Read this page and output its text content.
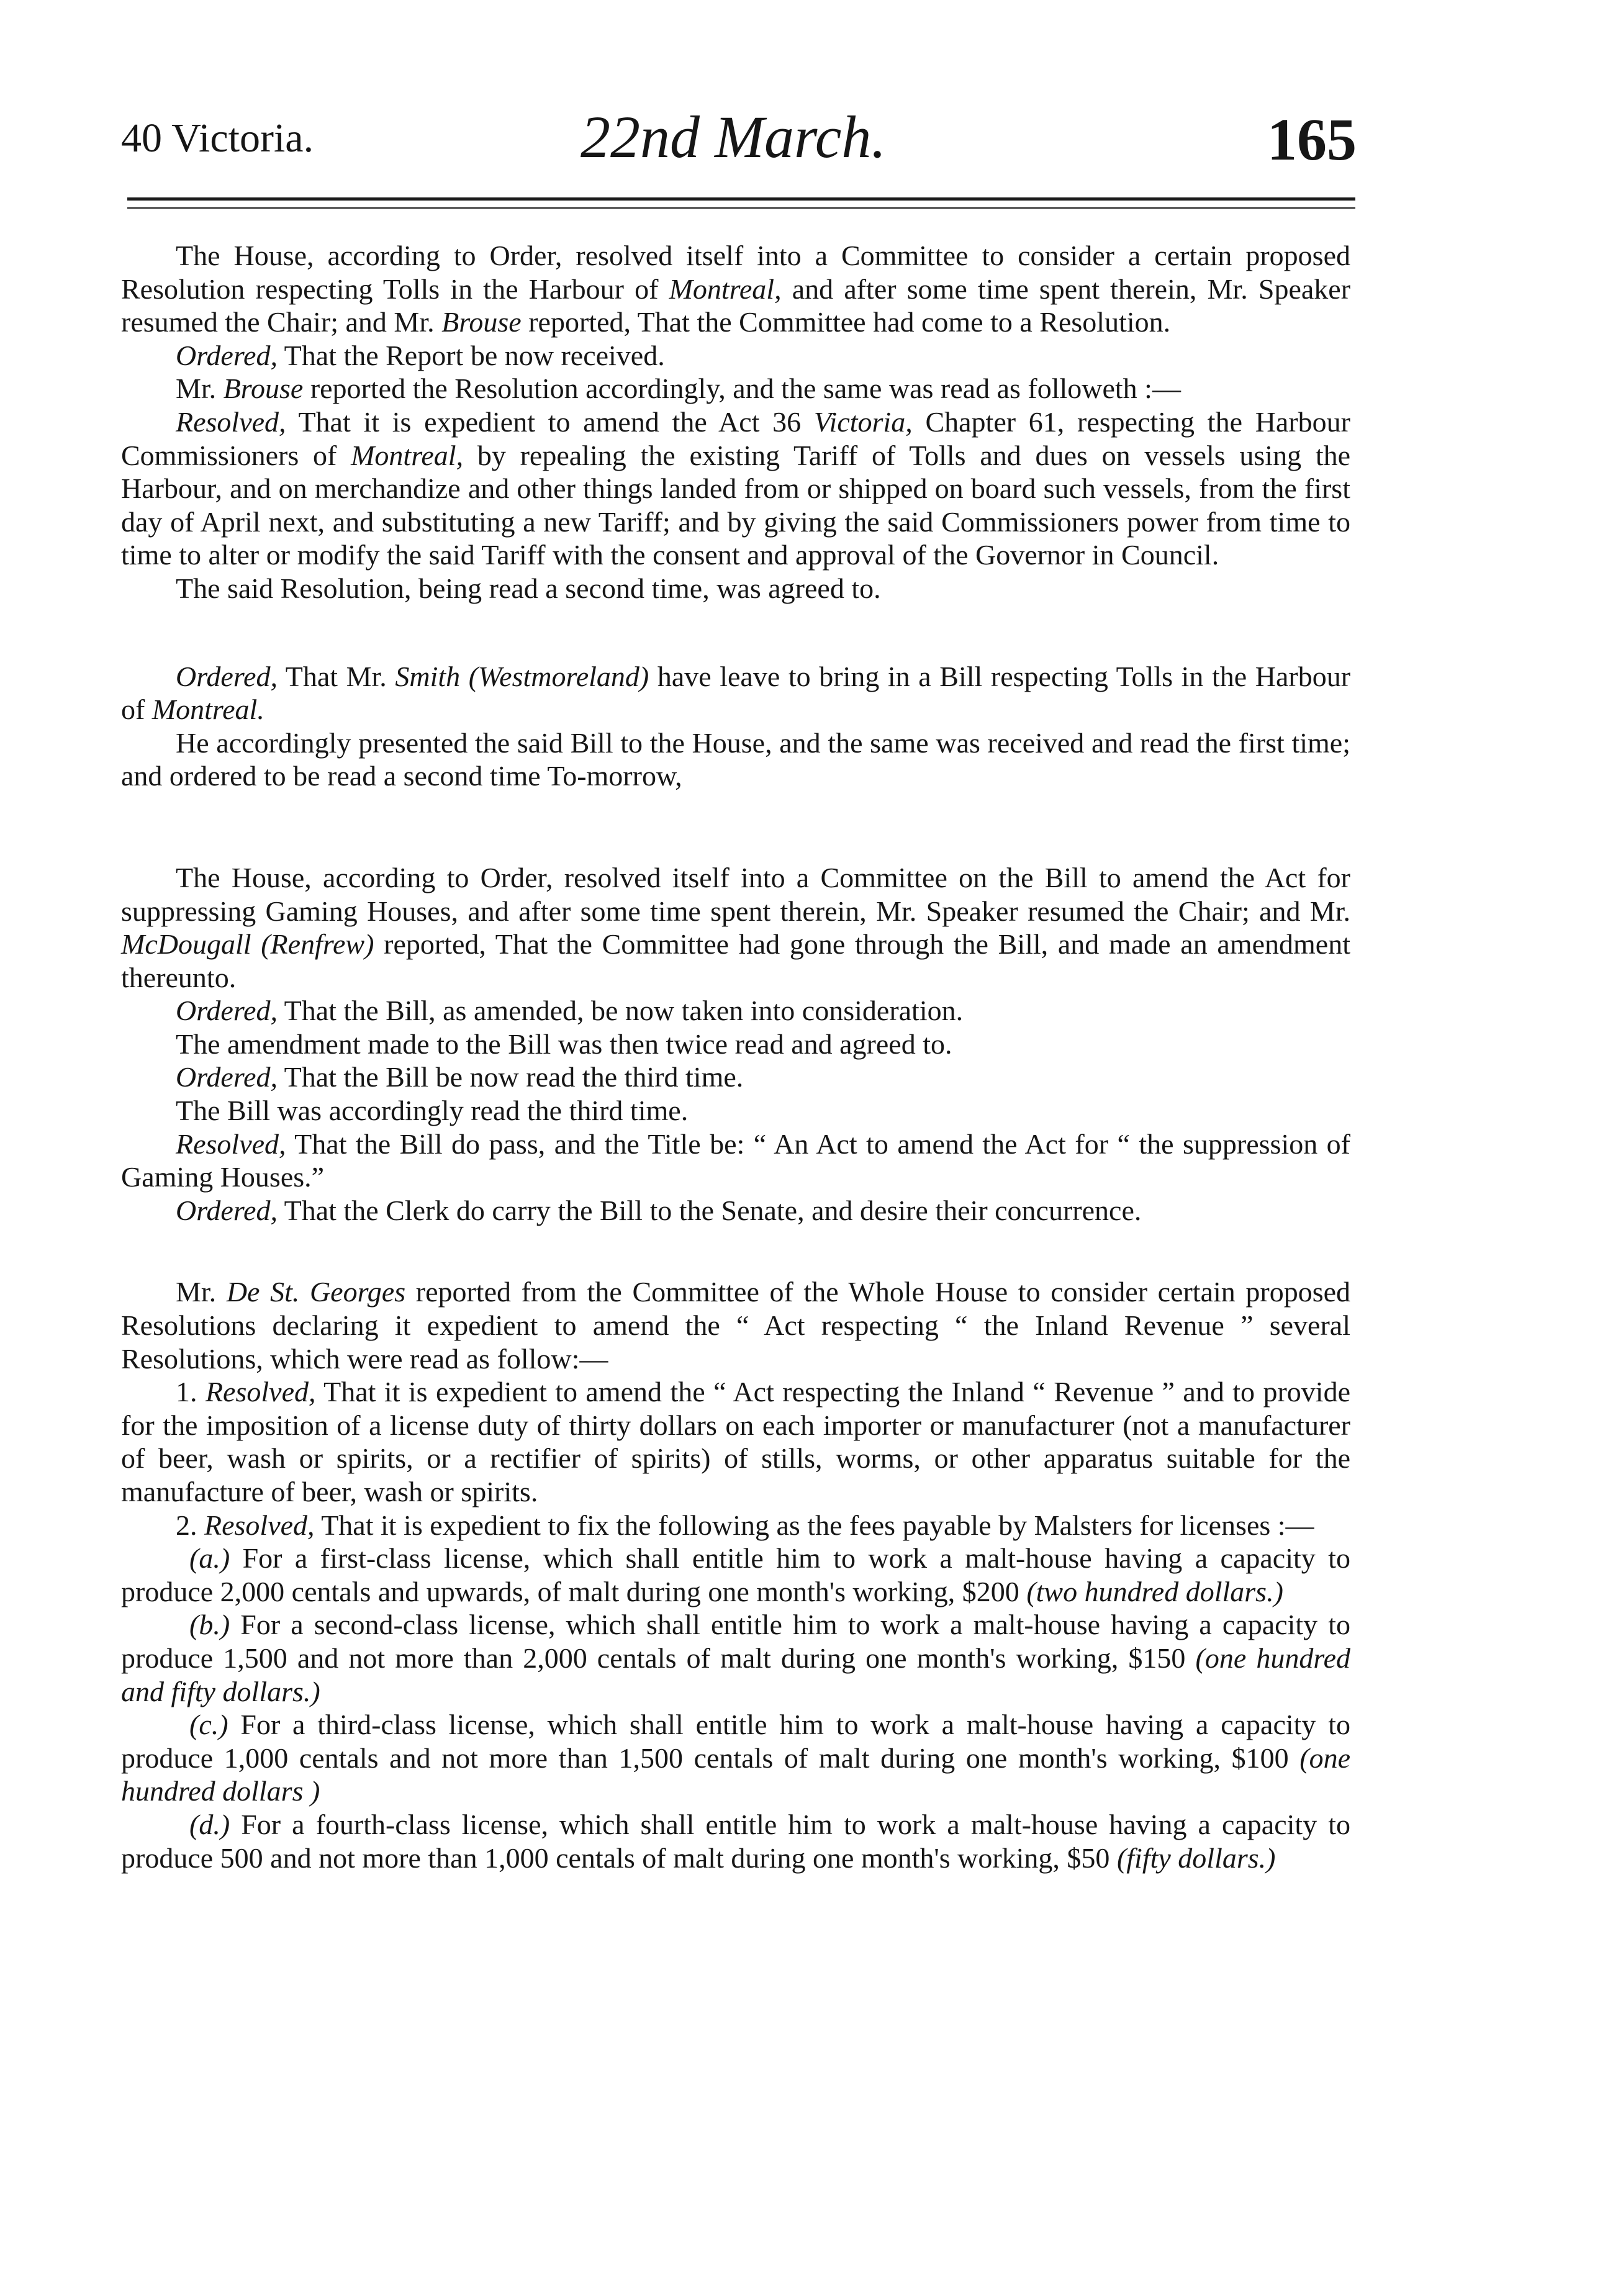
40 Victoria.	22nd March.	165

The House, according to Order, resolved itself into a Committee to consider a certain proposed Resolution respecting Tolls in the Harbour of Montreal, and after some time spent therein, Mr. Speaker resumed the Chair; and Mr. Brouse reported, That the Committee had come to a Resolution.

Ordered, That the Report be now received.

Mr. Brouse reported the Resolution accordingly, and the same was read as followeth :—

Resolved, That it is expedient to amend the Act 36 Victoria, Chapter 61, respecting the Harbour Commissioners of Montreal, by repealing the existing Tariff of Tolls and dues on vessels using the Harbour, and on merchandize and other things landed from or shipped on board such vessels, from the first day of April next, and substituting a new Tariff; and by giving the said Commissioners power from time to time to alter or modify the said Tariff with the consent and approval of the Governor in Council.

The said Resolution, being read a second time, was agreed to.

Ordered, That Mr. Smith (Westmoreland) have leave to bring in a Bill respecting Tolls in the Harbour of Montreal.

He accordingly presented the said Bill to the House, and the same was received and read the first time; and ordered to be read a second time To-morrow,

The House, according to Order, resolved itself into a Committee on the Bill to amend the Act for suppressing Gaming Houses, and after some time spent therein, Mr. Speaker resumed the Chair; and Mr. McDougall (Renfrew) reported, That the Committee had gone through the Bill, and made an amendment thereunto.

Ordered, That the Bill, as amended, be now taken into consideration.

The amendment made to the Bill was then twice read and agreed to.

Ordered, That the Bill be now read the third time.

The Bill was accordingly read the third time.

Resolved, That the Bill do pass, and the Title be: “ An Act to amend the Act for “ the suppression of Gaming Houses.”

Ordered, That the Clerk do carry the Bill to the Senate, and desire their concurrence.

Mr. De St. Georges reported from the Committee of the Whole House to consider certain proposed Resolutions declaring it expedient to amend the “ Act respecting “ the Inland Revenue ” several Resolutions, which were read as follow:—

1. Resolved, That it is expedient to amend the “ Act respecting the Inland “ Revenue ” and to provide for the imposition of a license duty of thirty dollars on each importer or manufacturer (not a manufacturer of beer, wash or spirits, or a rectifier of spirits) of stills, worms, or other apparatus suitable for the manufacture of beer, wash or spirits.

2. Resolved, That it is expedient to fix the following as the fees payable by Malsters for licenses :—

(a.) For a first-class license, which shall entitle him to work a malt-house having a capacity to produce 2,000 centals and upwards, of malt during one month's working, $200 (two hundred dollars.)

(b.) For a second-class license, which shall entitle him to work a malt-house having a capacity to produce 1,500 and not more than 2,000 centals of malt during one month's working, $150 (one hundred and fifty dollars.)

(c.) For a third-class license, which shall entitle him to work a malt-house having a capacity to produce 1,000 centals and not more than 1,500 centals of malt during one month's working, $100 (one hundred dollars )

(d.) For a fourth-class license, which shall entitle him to work a malt-house having a capacity to produce 500 and not more than 1,000 centals of malt during one month's working, $50 (fifty dollars.)
